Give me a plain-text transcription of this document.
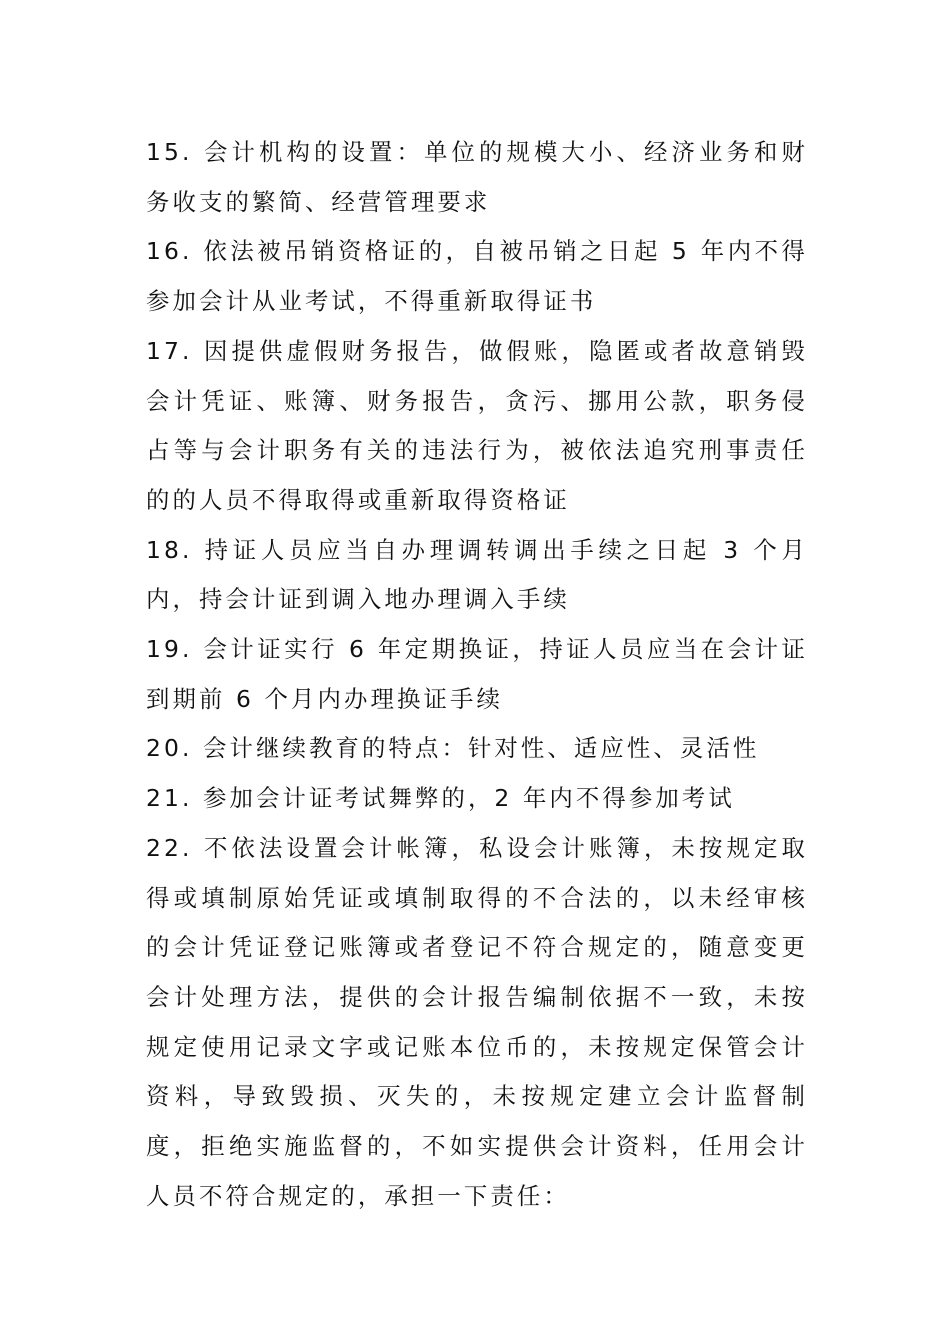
15. 会计机构的设置：单位的规模大小、经济业务和财务收支的繁简、经营管理要求

16. 依法被吊销资格证的，自被吊销之日起 5 年内不得参加会计从业考试，不得重新取得证书

17. 因提供虚假财务报告，做假账，隐匿或者故意销毁会计凭证、账簿、财务报告，贪污、挪用公款，职务侵占等与会计职务有关的违法行为，被依法追究刑事责任的的人员不得取得或重新取得资格证

18. 持证人员应当自办理调转调出手续之日起 3 个月内，持会计证到调入地办理调入手续

19. 会计证实行 6 年定期换证，持证人员应当在会计证到期前 6 个月内办理换证手续

20. 会计继续教育的特点：针对性、适应性、灵活性

21. 参加会计证考试舞弊的，2 年内不得参加考试

22. 不依法设置会计帐簿，私设会计账簿，未按规定取得或填制原始凭证或填制取得的不合法的，以未经审核的会计凭证登记账簿或者登记不符合规定的，随意变更会计处理方法，提供的会计报告编制依据不一致，未按规定使用记录文字或记账本位币的，未按规定保管会计资料，导致毁损、灭失的，未按规定建立会计监督制度，拒绝实施监督的，不如实提供会计资料，任用会计人员不符合规定的，承担一下责任：
